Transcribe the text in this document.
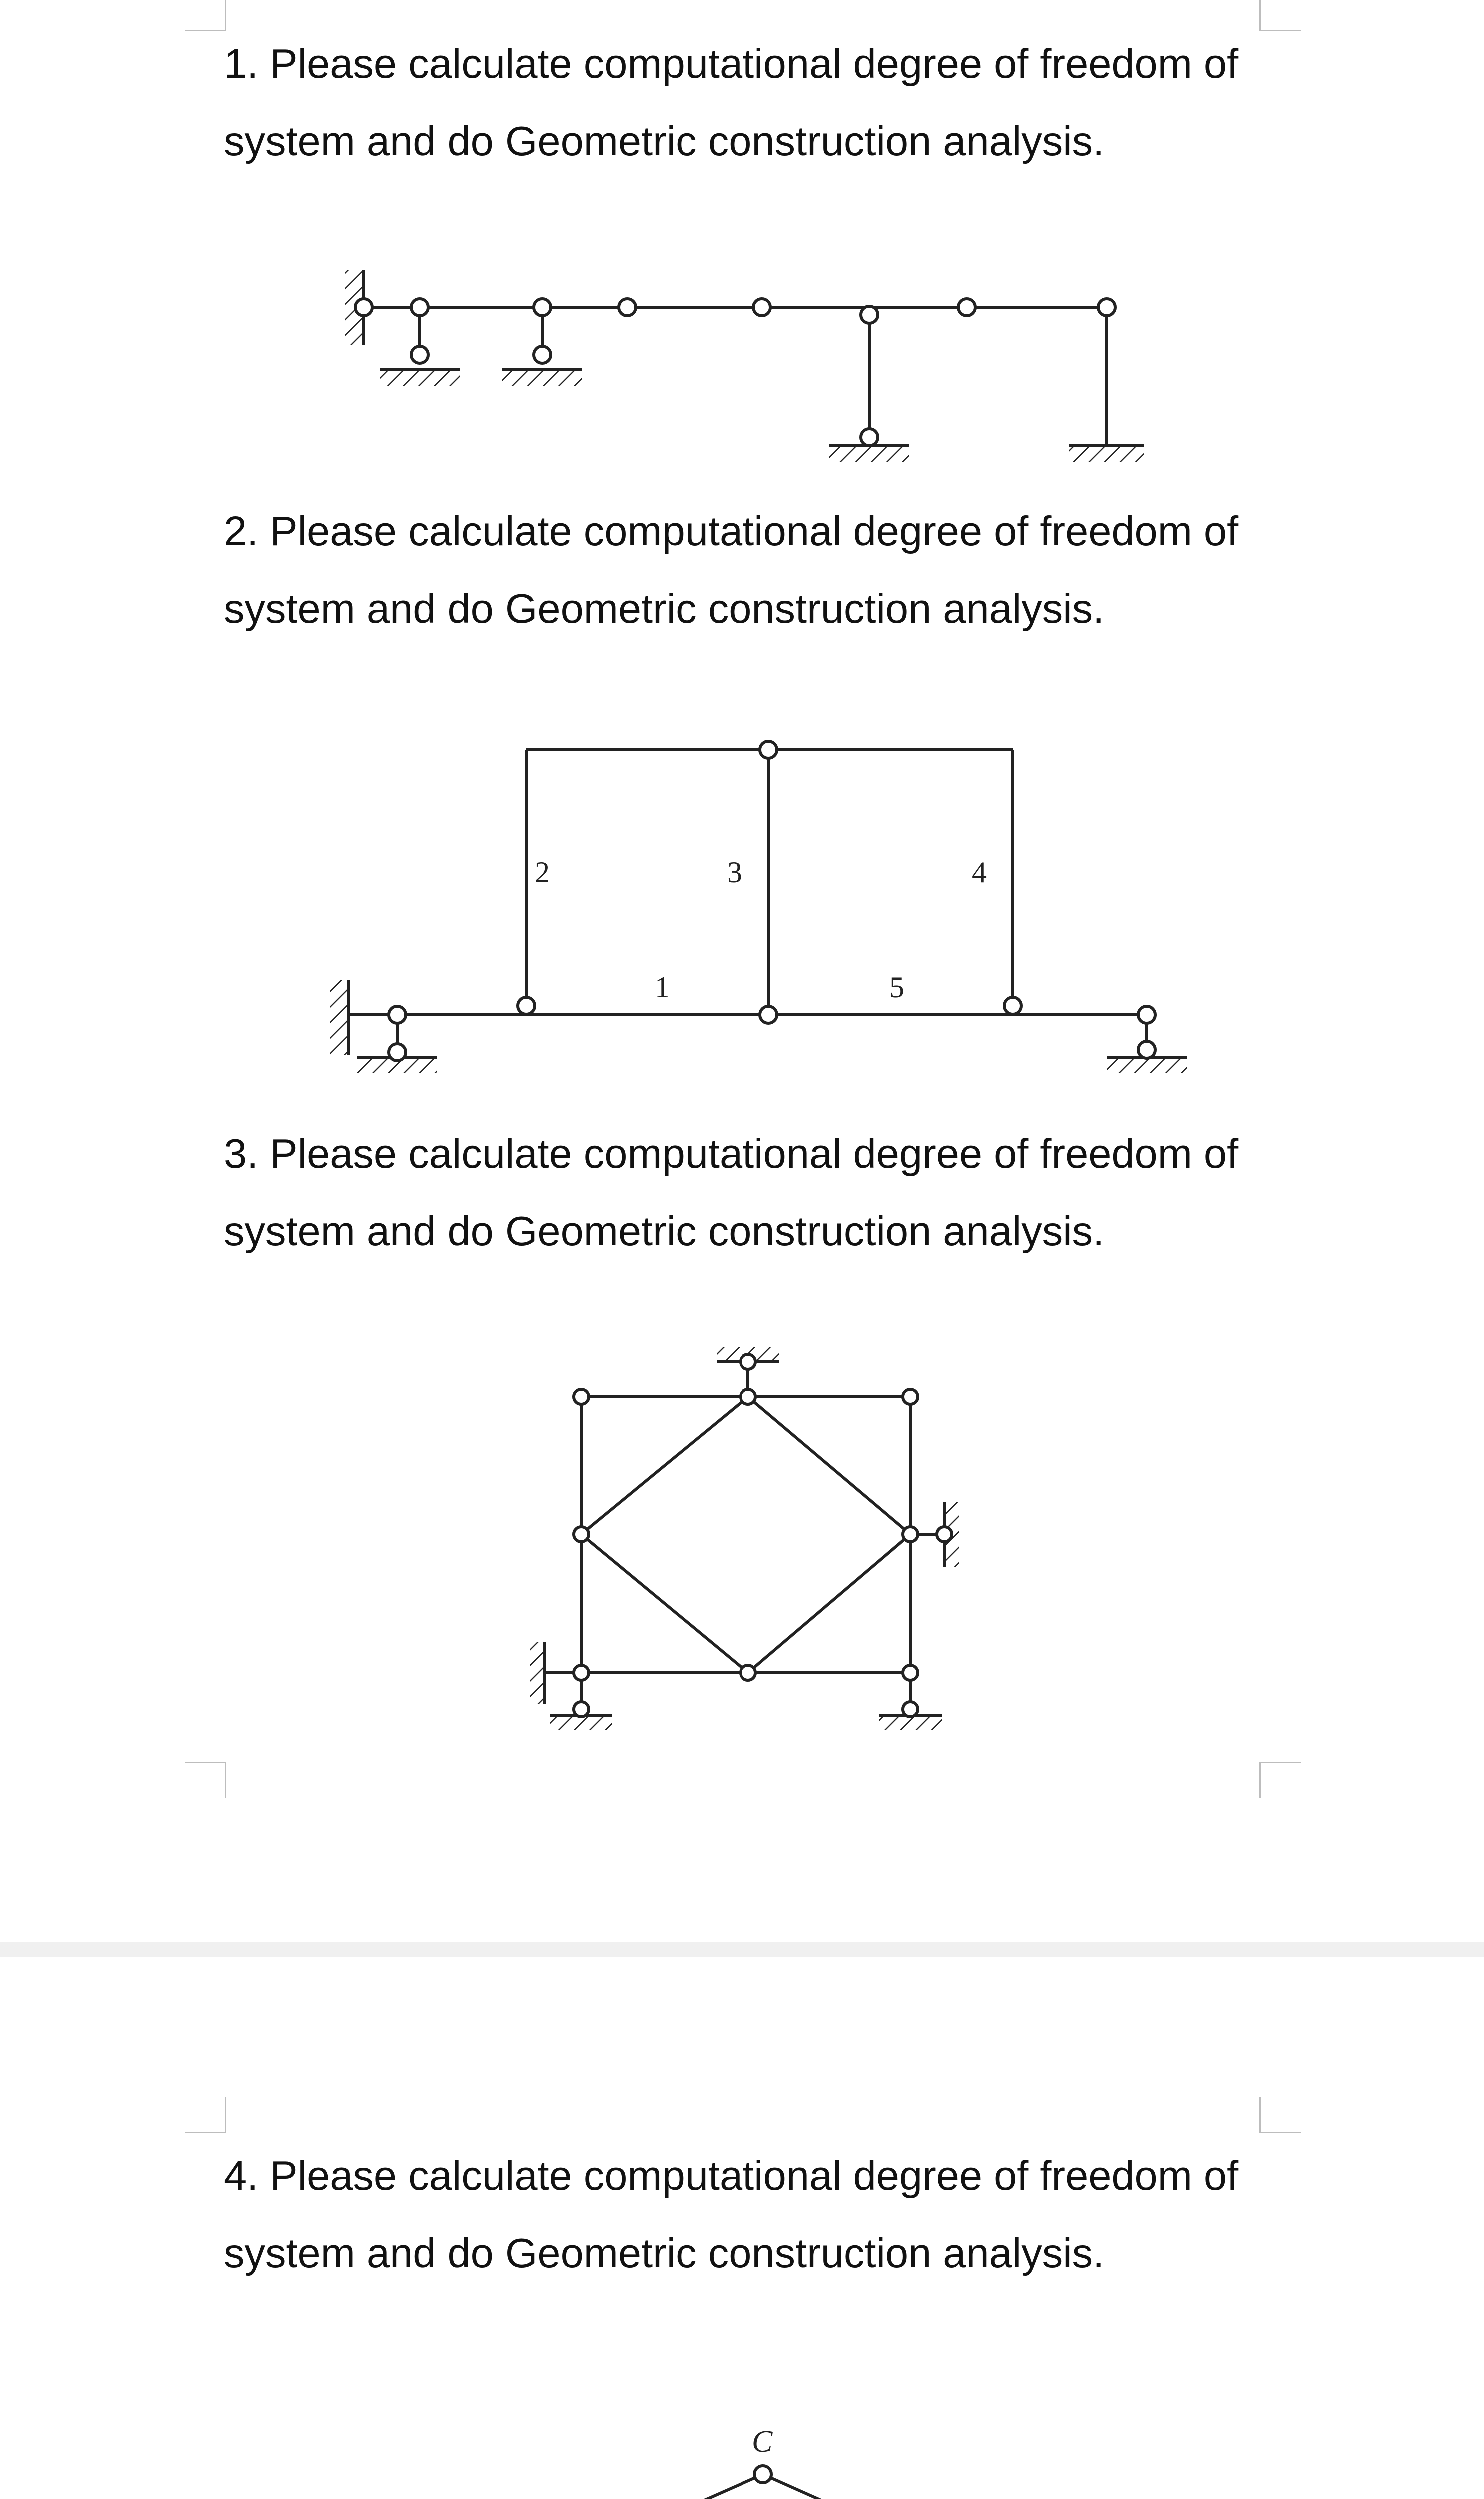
1. Please calculate computational degree of freedom of system and do Geometric construction analysis.

2. Please calculate computational degree of freedom of system and do Geometric construction analysis.

3. Please calculate computational degree of freedom of system and do Geometric construction analysis.

4. Please calculate computational degree of freedom of system and do Geometric construction analysis.

1
2	3	4
5
C
